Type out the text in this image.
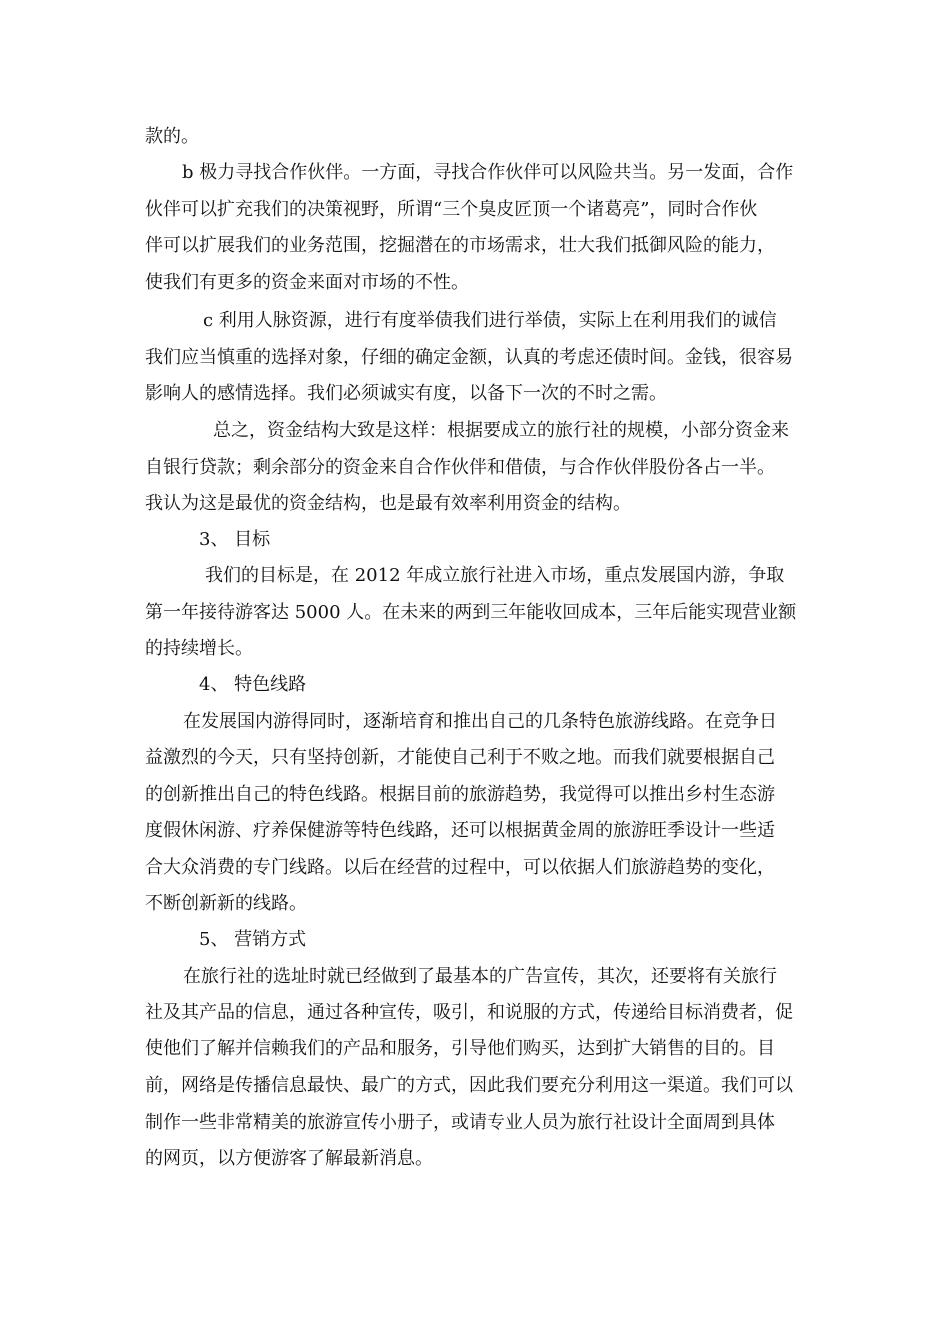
款的。
b 极力寻找合作伙伴。一方面，寻找合作伙伴可以风险共当。另一发面，合作
伙伴可以扩充我们的决策视野，所谓“三个臭皮匠顶一个诸葛亮”，同时合作伙
伴可以扩展我们的业务范围，挖掘潜在的市场需求，壮大我们抵御风险的能力，
使我们有更多的资金来面对市场的不性。
c 利用人脉资源，进行有度举债我们进行举债，实际上在利用我们的诚信
我们应当慎重的选择对象，仔细的确定金额，认真的考虑还债时间。金钱，很容易
影响人的感情选择。我们必须诚实有度，以备下一次的不时之需。
总之，资金结构大致是这样：根据要成立的旅行社的规模，小部分资金来
自银行贷款；剩余部分的资金来自合作伙伴和借债，与合作伙伴股份各占一半。
我认为这是最优的资金结构，也是最有效率利用资金的结构。
3、 目标
我们的目标是，在 2012 年成立旅行社进入市场，重点发展国内游，争取
第一年接待游客达 5000 人。在未来的两到三年能收回成本，三年后能实现营业额
的持续增长。
4、 特色线路
在发展国内游得同时，逐渐培育和推出自己的几条特色旅游线路。在竞争日
益激烈的今天，只有坚持创新，才能使自己利于不败之地。而我们就要根据自己
的创新推出自己的特色线路。根据目前的旅游趋势，我觉得可以推出乡村生态游
度假休闲游、疗养保健游等特色线路，还可以根据黄金周的旅游旺季设计一些适
合大众消费的专门线路。以后在经营的过程中，可以依据人们旅游趋势的变化，
不断创新新的线路。
5、 营销方式
在旅行社的选址时就已经做到了最基本的广告宣传，其次，还要将有关旅行
社及其产品的信息，通过各种宣传，吸引，和说服的方式，传递给目标消费者，促
使他们了解并信赖我们的产品和服务，引导他们购买，达到扩大销售的目的。目
前，网络是传播信息最快、最广的方式，因此我们要充分利用这一渠道。我们可以
制作一些非常精美的旅游宣传小册子，或请专业人员为旅行社设计全面周到具体
的网页，以方便游客了解最新消息。
